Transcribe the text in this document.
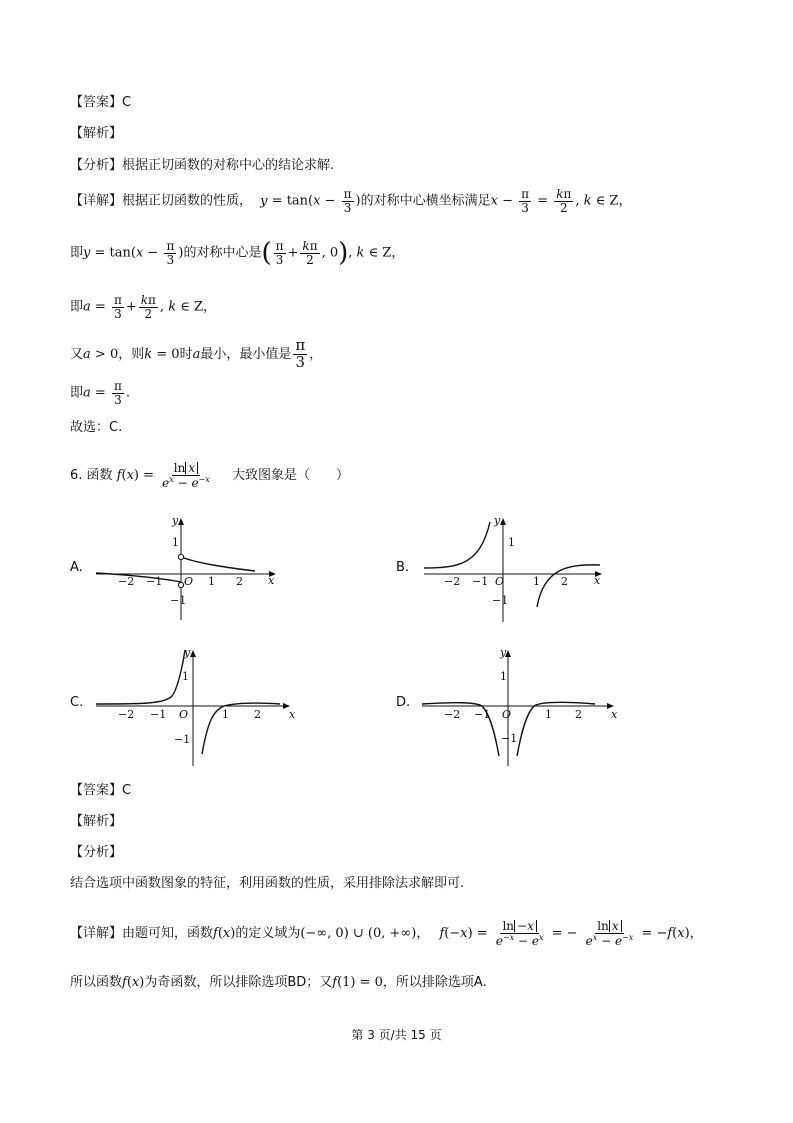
【答案】C
【解析】
【分析】根据正切函数的对称中心的结论求解.
【详解】根据正切函数的性质， $y = \tan(x - \frac{\pi}{3}$ )的对称中心横坐标满足$x - \frac{\pi}{3} = \frac{k\pi}{2}$ , k ∈ Z，
即$y = \tan(x - \frac{\pi}{3}$ )的对称中心是( $\frac{\pi}{3} + \frac{k\pi}{2}$ , 0), k ∈ Z，
即$a = \frac{\pi}{3} + \frac{k\pi}{2}$ , k ∈ Z，
又a > 0，则k = 0时a最小，最小值是 $\frac{\pi}{3}$ ，
即$a = \frac{\pi}{3}$ .
故选：C.
6. 函数 $f(x) = \frac{\text{ln x}}{e^x - e^{-x}}$ 大致图象是（　　）
A.	B.
C.	D.
y
x
O
1
−1
−2 −1	1 2
y
x
O
1
−1
−2 −1	1 2
y
x
O
1
−1
−2 −1	1 2
y
x
O
1
−1
−2 −1	1 2
【答案】C
【解析】
【分析】
结合选项中函数图象的特征，利用函数的性质，采用排除法求解即可.
【详解】由题可知，函数f(x)的定义域为(−∞, 0) ∪ (0, +∞)， $f(-x) = \frac{\ln -x}{e^{-x} - e^x}$ = − $\frac{\text{ln x}}{e^x - e^{-x}} = -f(x)$，
所以函数f(x)为奇函数，所以排除选项BD；又f(1) = 0，所以排除选项A.
第 3 页/共 15 页
